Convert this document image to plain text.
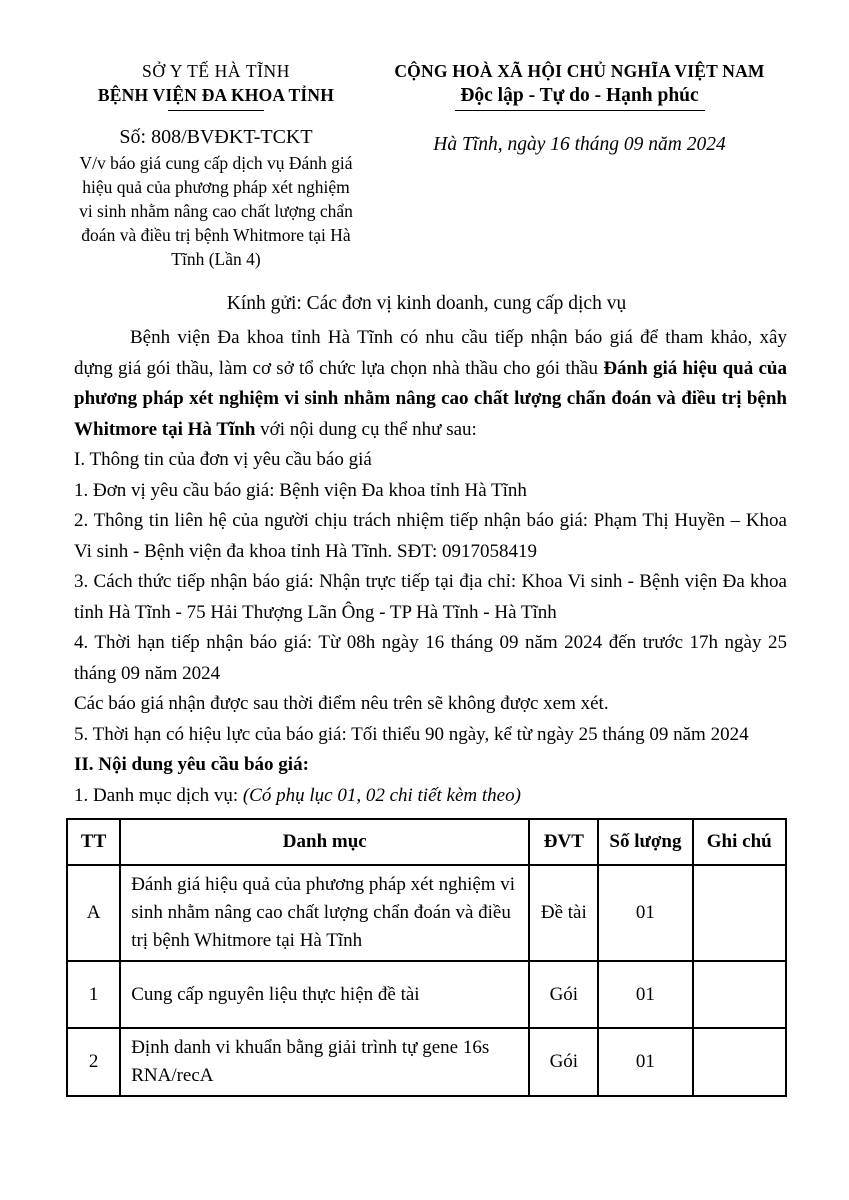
SỞ Y TẾ HÀ TĨNH
BỆNH VIỆN ĐA KHOA TỈNH
Số: 808/BVĐKT-TCKT
V/v báo giá cung cấp dịch vụ Đánh giá hiệu quả của phương pháp xét nghiệm vi sinh nhằm nâng cao chất lượng chẩn đoán và điều trị bệnh Whitmore tại Hà Tĩnh (Lần 4)
CỘNG HOÀ XÃ HỘI CHỦ NGHĨA VIỆT NAM
Độc lập - Tự do - Hạnh phúc
Hà Tĩnh, ngày 16 tháng 09 năm 2024
Kính gửi: Các đơn vị kinh doanh, cung cấp dịch vụ

Bệnh viện Đa khoa tỉnh Hà Tĩnh có nhu cầu tiếp nhận báo giá để tham khảo, xây dựng giá gói thầu, làm cơ sở tổ chức lựa chọn nhà thầu cho gói thầu Đánh giá hiệu quả của phương pháp xét nghiệm vi sinh nhằm nâng cao chất lượng chẩn đoán và điều trị bệnh Whitmore tại Hà Tĩnh với nội dung cụ thể như sau:

I. Thông tin của đơn vị yêu cầu báo giá

1. Đơn vị yêu cầu báo giá: Bệnh viện Đa khoa tỉnh Hà Tĩnh

2. Thông tin liên hệ của người chịu trách nhiệm tiếp nhận báo giá: Phạm Thị Huyền – Khoa Vi sinh - Bệnh viện đa khoa tỉnh Hà Tĩnh. SĐT: 0917058419

3. Cách thức tiếp nhận báo giá: Nhận trực tiếp tại địa chỉ: Khoa Vi sinh - Bệnh viện Đa khoa tỉnh Hà Tĩnh - 75 Hải Thượng Lãn Ông - TP Hà Tĩnh - Hà Tĩnh

4. Thời hạn tiếp nhận báo giá: Từ 08h ngày 16 tháng 09 năm 2024 đến trước 17h ngày 25 tháng 09 năm 2024

Các báo giá nhận được sau thời điểm nêu trên sẽ không được xem xét.

5. Thời hạn có hiệu lực của báo giá: Tối thiểu 90 ngày, kể từ ngày 25 tháng 09 năm 2024

II. Nội dung yêu cầu báo giá:

1. Danh mục dịch vụ: (Có phụ lục 01, 02 chi tiết kèm theo)

TT	Danh mục	ĐVT	Số lượng	Ghi chú
A	Đánh giá hiệu quả của phương pháp xét nghiệm vi sinh nhằm nâng cao chất lượng chẩn đoán và điều trị bệnh Whitmore tại Hà Tĩnh	Đề tài	01	
1	Cung cấp nguyên liệu thực hiện đề tài	Gói	01	
2	Định danh vi khuẩn bằng giải trình tự gene 16s RNA/recA	Gói	01	
